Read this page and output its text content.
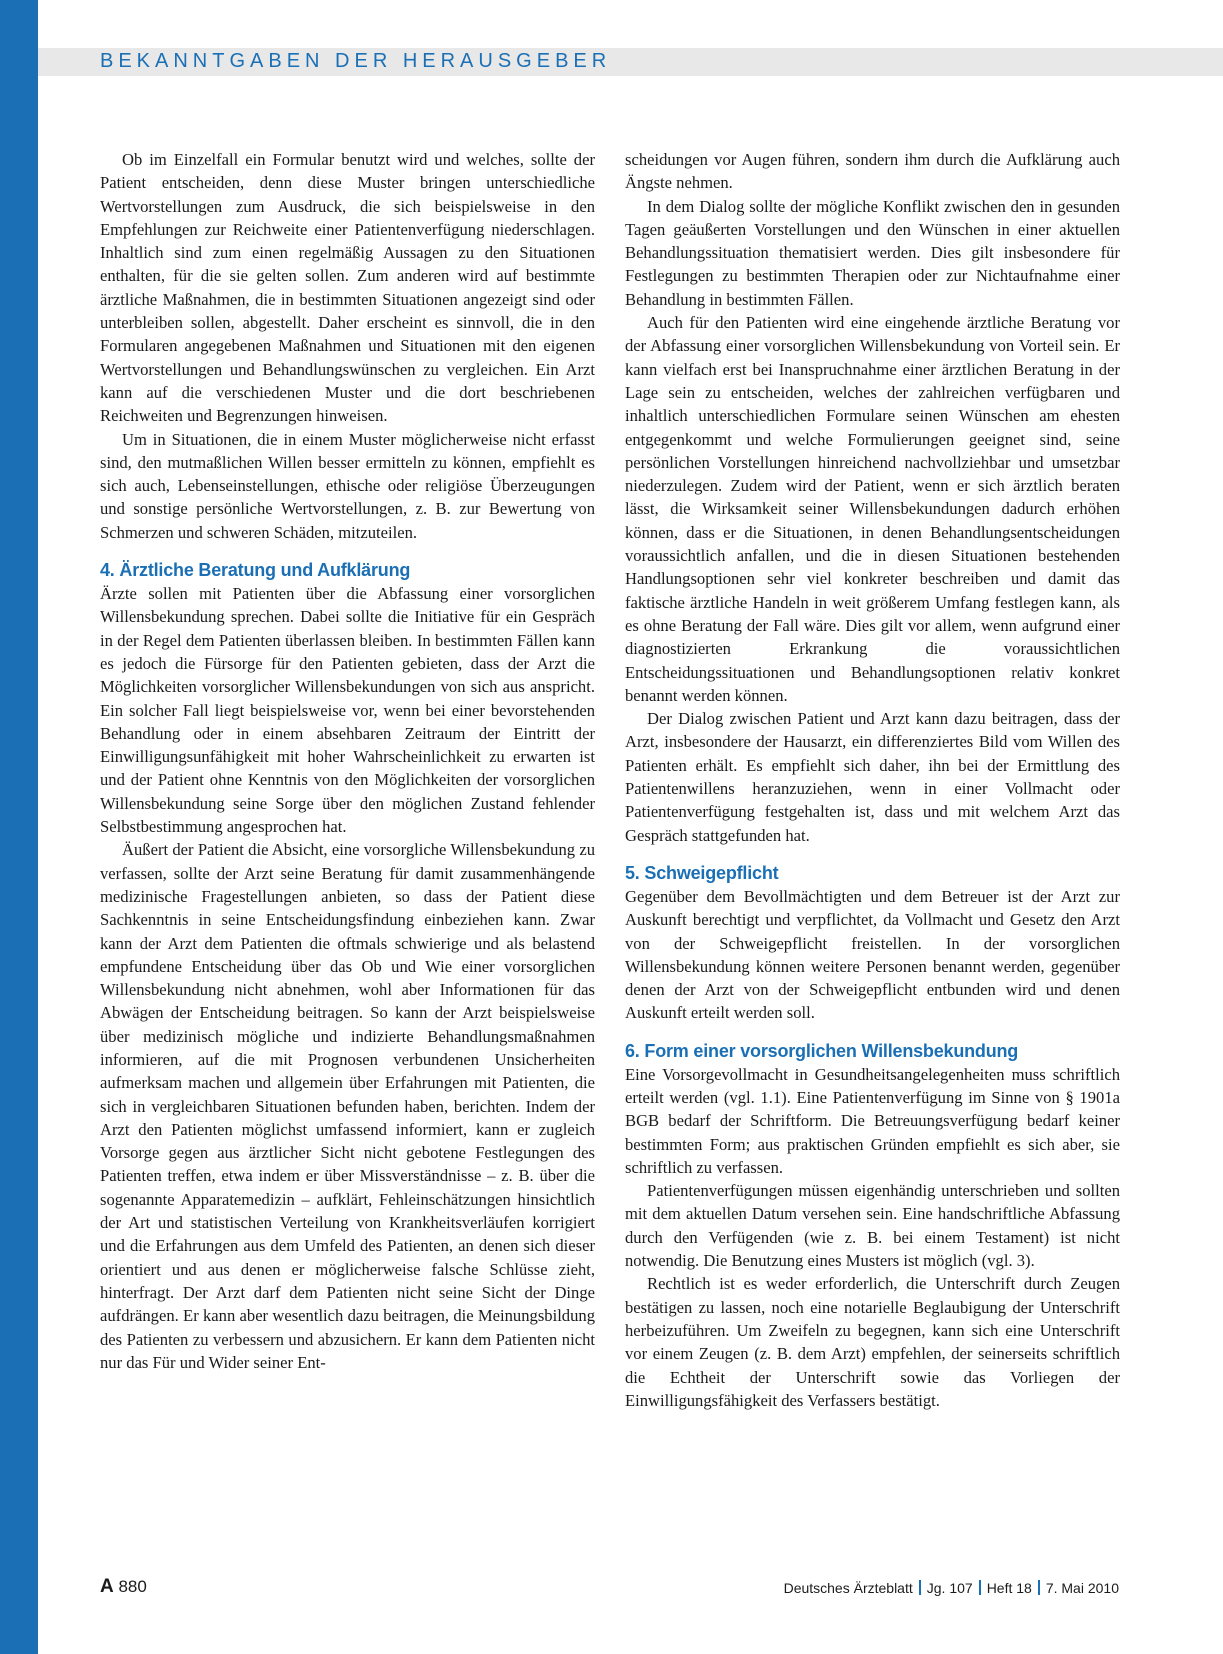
BEKANNTGABEN DER HERAUSGEBER

Ob im Einzelfall ein Formular benutzt wird und welches, sollte der Patient entscheiden, denn diese Muster bringen unterschiedliche Wertvorstellungen zum Ausdruck, die sich beispielsweise in den Empfehlungen zur Reichweite einer Patientenverfügung niederschlagen. Inhaltlich sind zum einen regelmäßig Aussagen zu den Situationen enthalten, für die sie gelten sollen. Zum anderen wird auf bestimmte ärztliche Maßnahmen, die in bestimmten Situationen angezeigt sind oder unterbleiben sollen, abgestellt. Daher erscheint es sinnvoll, die in den Formularen angegebenen Maßnahmen und Situationen mit den eigenen Wertvorstellungen und Behandlungswünschen zu vergleichen. Ein Arzt kann auf die verschiedenen Muster und die dort beschriebenen Reichweiten und Begrenzungen hinweisen.

Um in Situationen, die in einem Muster möglicherweise nicht erfasst sind, den mutmaßlichen Willen besser ermitteln zu können, empfiehlt es sich auch, Lebenseinstellungen, ethische oder religiöse Überzeugungen und sonstige persönliche Wertvorstellungen, z. B. zur Bewertung von Schmerzen und schweren Schäden, mitzuteilen.

4. Ärztliche Beratung und Aufklärung

Ärzte sollen mit Patienten über die Abfassung einer vorsorglichen Willensbekundung sprechen. Dabei sollte die Initiative für ein Gespräch in der Regel dem Patienten überlassen bleiben. In bestimmten Fällen kann es jedoch die Fürsorge für den Patienten gebieten, dass der Arzt die Möglichkeiten vorsorglicher Willensbekundungen von sich aus anspricht. Ein solcher Fall liegt beispielsweise vor, wenn bei einer bevorstehenden Behandlung oder in einem absehbaren Zeitraum der Eintritt der Einwilligungsunfähigkeit mit hoher Wahrscheinlichkeit zu erwarten ist und der Patient ohne Kenntnis von den Möglichkeiten der vorsorglichen Willensbekundung seine Sorge über den möglichen Zustand fehlender Selbstbestimmung angesprochen hat.

Äußert der Patient die Absicht, eine vorsorgliche Willensbekundung zu verfassen, sollte der Arzt seine Beratung für damit zusammenhängende medizinische Fragestellungen anbieten, so dass der Patient diese Sachkenntnis in seine Entscheidungsfindung einbeziehen kann. Zwar kann der Arzt dem Patienten die oftmals schwierige und als belastend empfundene Entscheidung über das Ob und Wie einer vorsorglichen Willensbekundung nicht abnehmen, wohl aber Informationen für das Abwägen der Entscheidung beitragen. So kann der Arzt beispielsweise über medizinisch mögliche und indizierte Behandlungsmaßnahmen informieren, auf die mit Prognosen verbundenen Unsicherheiten aufmerksam machen und allgemein über Erfahrungen mit Patienten, die sich in vergleichbaren Situationen befunden haben, berichten. Indem der Arzt den Patienten möglichst umfassend informiert, kann er zugleich Vorsorge gegen aus ärztlicher Sicht nicht gebotene Festlegungen des Patienten treffen, etwa indem er über Missverständnisse – z. B. über die sogenannte Apparatemedizin – aufklärt, Fehleinschätzungen hinsichtlich der Art und statistischen Verteilung von Krankheitsverläufen korrigiert und die Erfahrungen aus dem Umfeld des Patienten, an denen sich dieser orientiert und aus denen er möglicherweise falsche Schlüsse zieht, hinterfragt. Der Arzt darf dem Patienten nicht seine Sicht der Dinge aufdrängen. Er kann aber wesentlich dazu beitragen, die Meinungsbildung des Patienten zu verbessern und abzusichern. Er kann dem Patienten nicht nur das Für und Wider seiner Ent-

scheidungen vor Augen führen, sondern ihm durch die Aufklärung auch Ängste nehmen.

In dem Dialog sollte der mögliche Konflikt zwischen den in gesunden Tagen geäußerten Vorstellungen und den Wünschen in einer aktuellen Behandlungssituation thematisiert werden. Dies gilt insbesondere für Festlegungen zu bestimmten Therapien oder zur Nichtaufnahme einer Behandlung in bestimmten Fällen.

Auch für den Patienten wird eine eingehende ärztliche Beratung vor der Abfassung einer vorsorglichen Willensbekundung von Vorteil sein. Er kann vielfach erst bei Inanspruchnahme einer ärztlichen Beratung in der Lage sein zu entscheiden, welches der zahlreichen verfügbaren und inhaltlich unterschiedlichen Formulare seinen Wünschen am ehesten entgegenkommt und welche Formulierungen geeignet sind, seine persönlichen Vorstellungen hinreichend nachvollziehbar und umsetzbar niederzulegen. Zudem wird der Patient, wenn er sich ärztlich beraten lässt, die Wirksamkeit seiner Willensbekundungen dadurch erhöhen können, dass er die Situationen, in denen Behandlungsentscheidungen voraussichtlich anfallen, und die in diesen Situationen bestehenden Handlungsoptionen sehr viel konkreter beschreiben und damit das faktische ärztliche Handeln in weit größerem Umfang festlegen kann, als es ohne Beratung der Fall wäre. Dies gilt vor allem, wenn aufgrund einer diagnostizierten Erkrankung die voraussichtlichen Entscheidungssituationen und Behandlungsoptionen relativ konkret benannt werden können.

Der Dialog zwischen Patient und Arzt kann dazu beitragen, dass der Arzt, insbesondere der Hausarzt, ein differenziertes Bild vom Willen des Patienten erhält. Es empfiehlt sich daher, ihn bei der Ermittlung des Patientenwillens heranzuziehen, wenn in einer Vollmacht oder Patientenverfügung festgehalten ist, dass und mit welchem Arzt das Gespräch stattgefunden hat.

5. Schweigepflicht

Gegenüber dem Bevollmächtigten und dem Betreuer ist der Arzt zur Auskunft berechtigt und verpflichtet, da Vollmacht und Gesetz den Arzt von der Schweigepflicht freistellen. In der vorsorglichen Willensbekundung können weitere Personen benannt werden, gegenüber denen der Arzt von der Schweigepflicht entbunden wird und denen Auskunft erteilt werden soll.

6. Form einer vorsorglichen Willensbekundung

Eine Vorsorgevollmacht in Gesundheitsangelegenheiten muss schriftlich erteilt werden (vgl. 1.1). Eine Patientenverfügung im Sinne von § 1901a BGB bedarf der Schriftform. Die Betreuungsverfügung bedarf keiner bestimmten Form; aus praktischen Gründen empfiehlt es sich aber, sie schriftlich zu verfassen.

Patientenverfügungen müssen eigenhändig unterschrieben und sollten mit dem aktuellen Datum versehen sein. Eine handschriftliche Abfassung durch den Verfügenden (wie z. B. bei einem Testament) ist nicht notwendig. Die Benutzung eines Musters ist möglich (vgl. 3).

Rechtlich ist es weder erforderlich, die Unterschrift durch Zeugen bestätigen zu lassen, noch eine notarielle Beglaubigung der Unterschrift herbeizuführen. Um Zweifeln zu begegnen, kann sich eine Unterschrift vor einem Zeugen (z. B. dem Arzt) empfehlen, der seinerseits schriftlich die Echtheit der Unterschrift sowie das Vorliegen der Einwilligungsfähigkeit des Verfassers bestätigt.

A 880	Deutsches Ärzteblatt Jg. 107 Heft 18 7. Mai 2010
